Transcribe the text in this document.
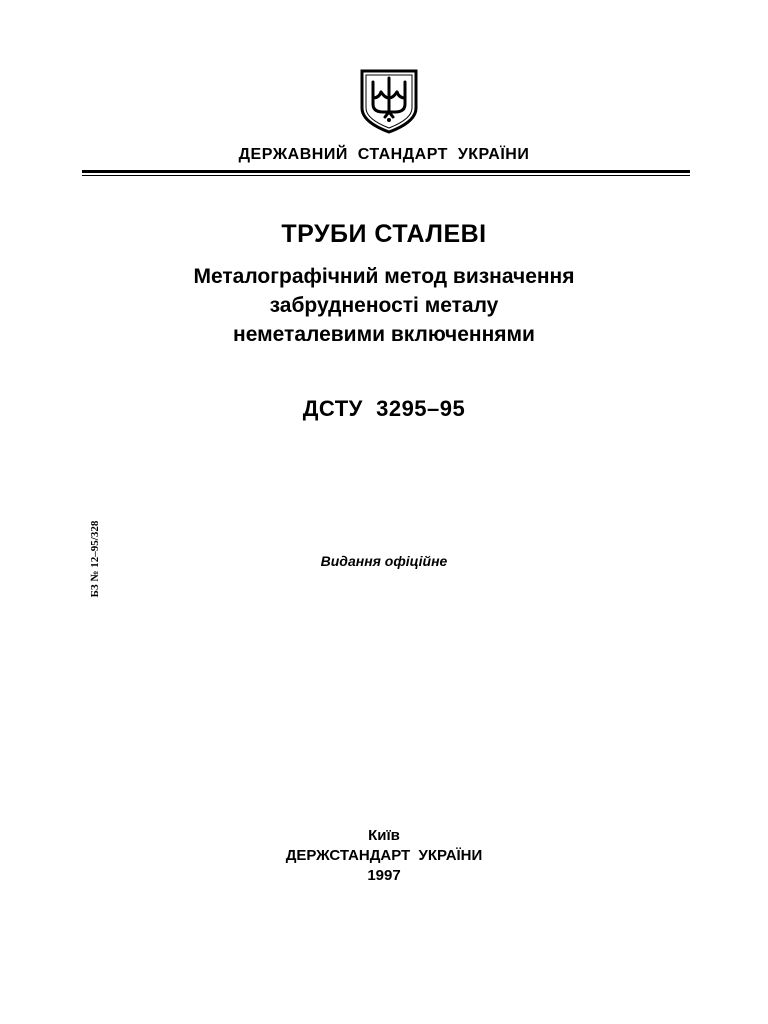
ДЕРЖАВНИЙ  СТАНДАРТ  УКРАЇНИ
ТРУБИ СТАЛЕВІ
Металографічний метод визначення
забрудненості металу
неметалевими включеннями
ДСТУ  3295–95
Видання офіційне
БЗ № 12–95/328
Київ
ДЕРЖСТАНДАРТ  УКРАЇНИ
1997
